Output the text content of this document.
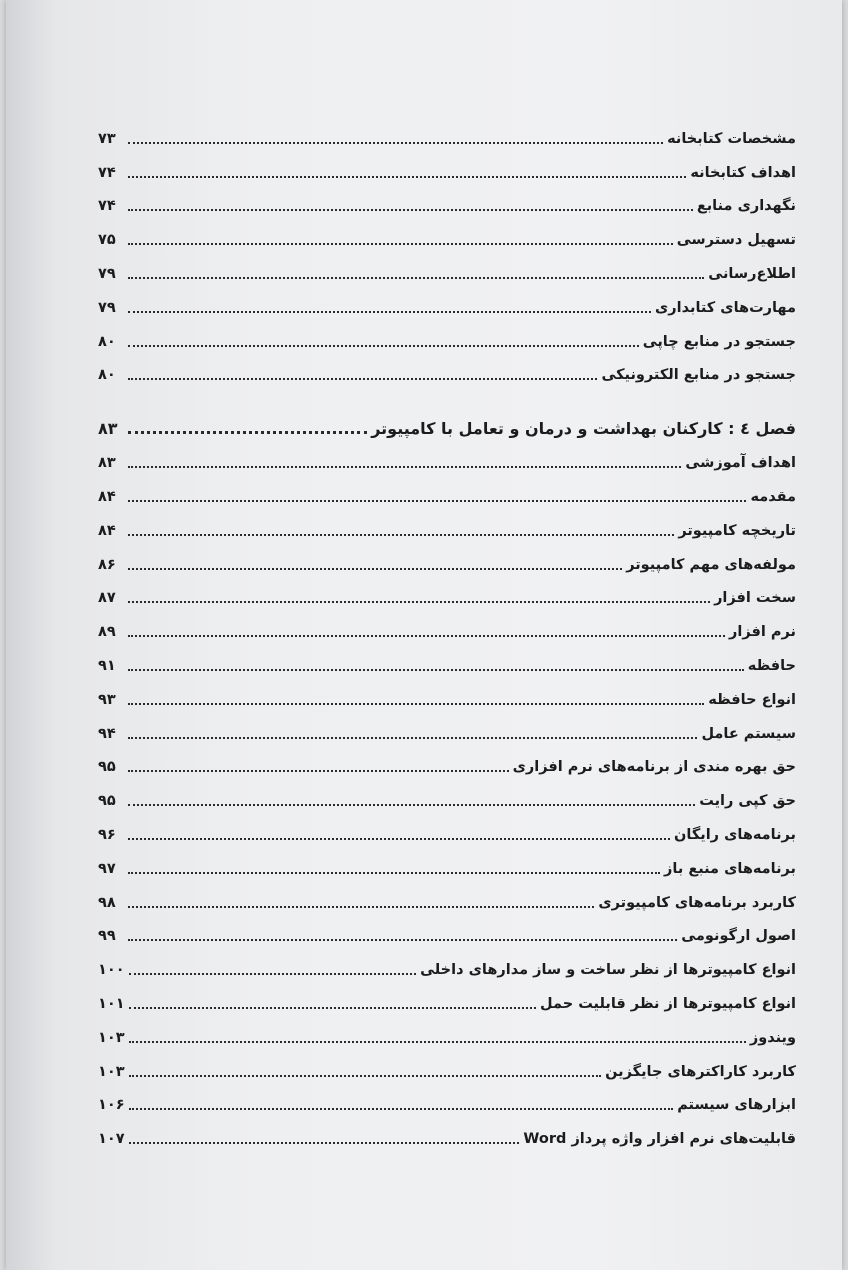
مشخصات کتابخانه
۷۳
اهداف کتابخانه
۷۴
نگهداری منابع
۷۴
تسهیل دسترسی
۷۵
اطلاع‌رسانی
۷۹
مهارت‌های کتابداری
۷۹
جستجو در منابع چاپی
۸۰
جستجو در منابع الکترونیکی
۸۰
فصل ٤ : کارکنان بهداشت و درمان و تعامل با کامپیوتر
۸۳
اهداف آموزشی
۸۳
مقدمه
۸۴
تاریخچه کامپیوتر
۸۴
مولفه‌های مهم کامپیوتر
۸۶
سخت افزار
۸۷
نرم افزار
۸۹
حافظه
۹۱
انواع حافظه
۹۳
سیستم عامل
۹۴
حق بهره مندی از برنامه‌های نرم افزاری
۹۵
حق کپی رایت
۹۵
برنامه‌های رایگان
۹۶
برنامه‌های منبع باز
۹۷
کاربرد برنامه‌های کامپیوتری
۹۸
اصول ارگونومی
۹۹
انواع کامپیوترها از نظر ساخت و ساز مدارهای داخلی
۱۰۰
انواع کامپیوترها از نظر قابلیت حمل
۱۰۱
ویندوز
۱۰۳
کاربرد کاراکترهای جایگزین
۱۰۳
ابزارهای سیستم
۱۰۶
قابلیت‌های نرم افزار واژه پرداز Word
۱۰۷
